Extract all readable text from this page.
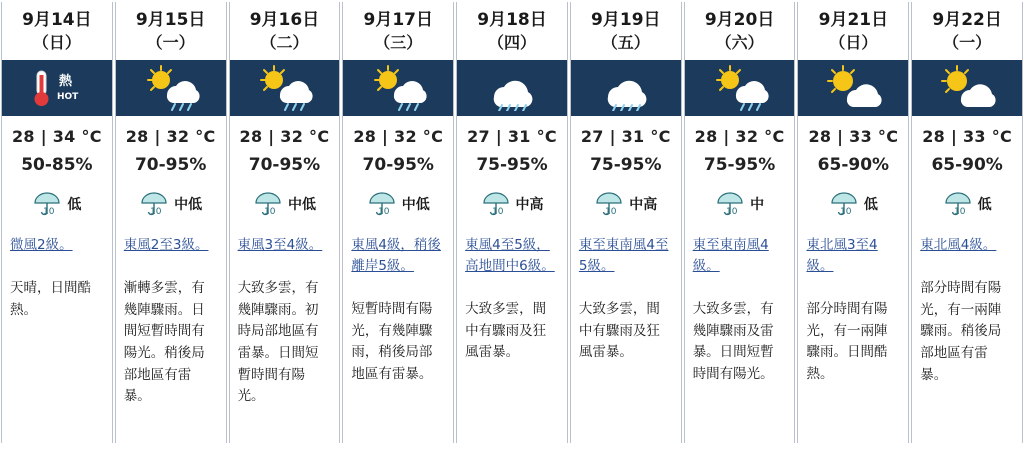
9月14日
（日）
熱
HOT
28 | 34 °C
50-85%
10 低
微風2級。
天晴，日間酷熱。
9月15日
（一）
28 | 32 °C
70-95%
10 中低
東風2至3級。
漸轉多雲，有幾陣驟雨。日間短暫時間有陽光。稍後局部地區有雷暴。
9月16日
（二）
28 | 32 °C
70-95%
10 中低
東風3至4級。
大致多雲，有幾陣驟雨。初時局部地區有雷暴。日間短暫時間有陽光。
9月17日
（三）
28 | 32 °C
70-95%
10 中低
東風4級，稍後離岸5級。
短暫時間有陽光，有幾陣驟雨，稍後局部地區有雷暴。
9月18日
（四）
27 | 31 °C
75-95%
10 中高
東風4至5級，高地間中6級。
大致多雲，間中有驟雨及狂風雷暴。
9月19日
（五）
27 | 31 °C
75-95%
10 中高
東至東南風4至5級。
大致多雲，間中有驟雨及狂風雷暴。
9月20日
（六）
28 | 32 °C
75-95%
10 中
東至東南風4級。
大致多雲，有幾陣驟雨及雷暴。日間短暫時間有陽光。
9月21日
（日）
28 | 33 °C
65-90%
10 低
東北風3至4級。
部分時間有陽光，有一兩陣驟雨。日間酷熱。
9月22日
（一）
28 | 33 °C
65-90%
10 低
東北風4級。
部分時間有陽光，有一兩陣驟雨。稍後局部地區有雷暴。
